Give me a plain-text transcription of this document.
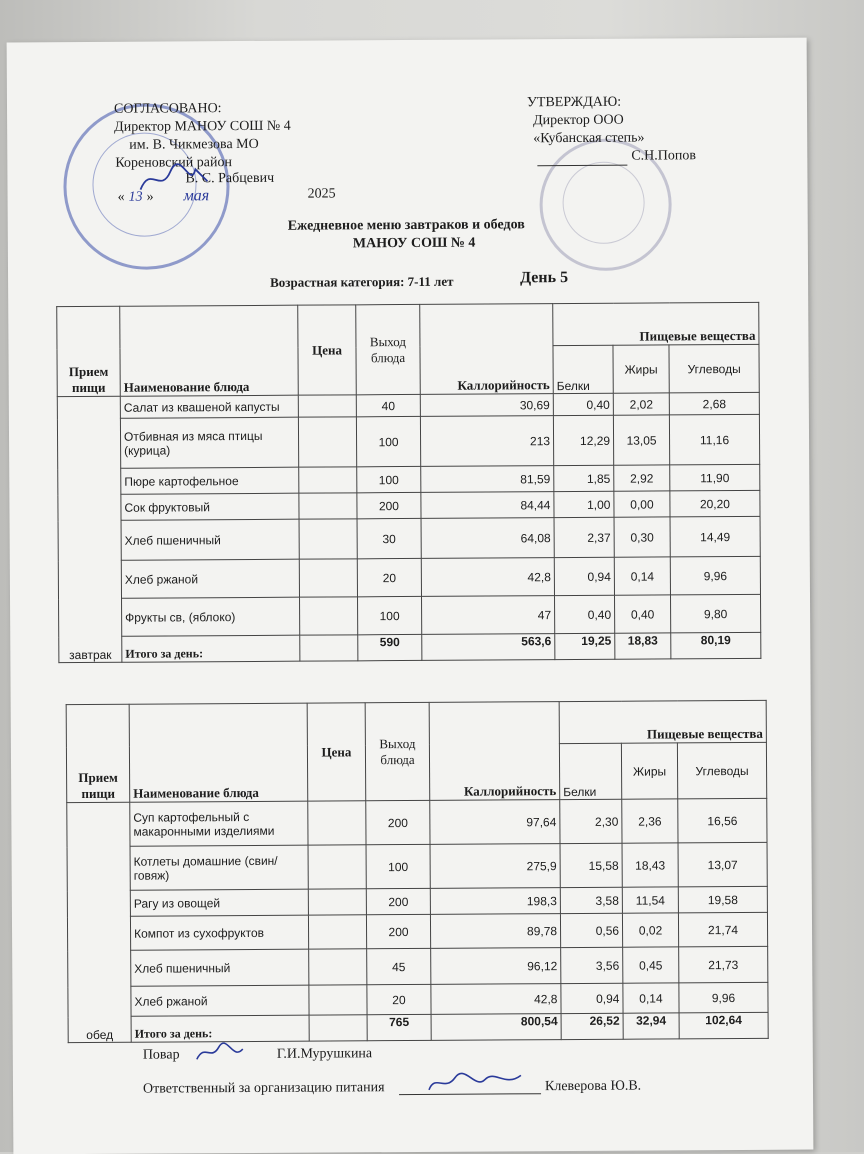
СОГЛАСОВАНО:
Директор МАНОУ СОШ № 4
им. В. Чикмезова МО
Кореновский район
В. С. Рабцевич
« 13 » мая	2025
УТВЕРЖДАЮ:
Директор ООО
«Кубанская степь»
С.Н.Попов
Ежедневное меню завтраков и обедов
МАНОУ СОШ № 4
Возрастная категория: 7-11 лет	День 5
Прием пищи	Наименование блюда	Цена	Выход блюда	Каллорийность	Пищевые вещества		
					Белки	Жиры	Углеводы
завтрак	Салат из квашеной капусты		40	30,69	0,40	2,02	2,68
	Отбивная из мяса птицы (курица)		100	213	12,29	13,05	11,16
	Пюре картофельное		100	81,59	1,85	2,92	11,90
	Сок фруктовый		200	84,44	1,00	0,00	20,20
	Хлеб пшеничный		30	64,08	2,37	0,30	14,49
	Хлеб ржаной		20	42,8	0,94	0,14	9,96
	Фрукты св, (яблоко)		100	47	0,40	0,40	9,80
	Итого за день:		590	563,6	19,25	18,83	80,19
Прием пищи	Наименование блюда	Цена	Выход блюда	Каллорийность	Пищевые вещества		
					Белки	Жиры	Углеводы
обед	Суп картофельный с макаронными изделиями		200	97,64	2,30	2,36	16,56
	Котлеты домашние (свин/говяж)		100	275,9	15,58	18,43	13,07
	Рагу из овощей		200	198,3	3,58	11,54	19,58
	Компот из сухофруктов		200	89,78	0,56	0,02	21,74
	Хлеб пшеничный		45	96,12	3,56	0,45	21,73
	Хлеб ржаной		20	42,8	0,94	0,14	9,96
	Итого за день:		765	800,54	26,52	32,94	102,64
Повар	Г.И.Мурушкина
Ответственный за организацию питания	Клеверова Ю.В.
